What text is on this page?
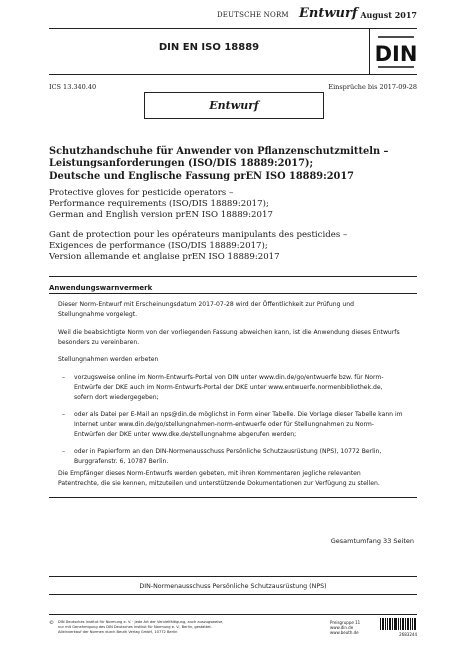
DEUTSCHE NORM Entwurf August 2017
DIN EN ISO 18889	DIN
ICS 13.340.40	Einsprüche bis 2017-09-28
Entwurf
Schutzhandschuhe für Anwender von Pflanzenschutzmitteln –
Leistungsanforderungen (ISO/DIS 18889:2017);
Deutsche und Englische Fassung prEN ISO 18889:2017
Protective gloves for pesticide operators –
Performance requirements (ISO/DIS 18889:2017);
German and English version prEN ISO 18889:2017
Gant de protection pour les opérateurs manipulants des pesticides –
Exigences de performance (ISO/DIS 18889:2017);
Version allemande et anglaise prEN ISO 18889:2017
Anwendungswarnvermerk
Dieser Norm-Entwurf mit Erscheinungsdatum 2017-07-28 wird der Öffentlichkeit zur Prüfung und
Stellungnahme vorgelegt.
Weil die beabsichtigte Norm von der vorliegenden Fassung abweichen kann, ist die Anwendung dieses Entwurfs
besonders zu vereinbaren.
Stellungnahmen werden erbeten
– vorzugsweise online im Norm-Entwurfs-Portal von DIN unter www.din.de/go/entwuerfe bzw. für Norm-
Entwürfe der DKE auch im Norm-Entwurfs-Portal der DKE unter www.entwuerfe.normenbibliothek.de,
sofern dort wiedergegeben;
– oder als Datei per E-Mail an nps@din.de möglichst in Form einer Tabelle. Die Vorlage dieser Tabelle kann im
Internet unter www.din.de/go/stellungnahmen-norm-entwuerfe oder für Stellungnahmen zu Norm-
Entwürfen der DKE unter www.dke.de/stellungnahme abgerufen werden;
– oder in Papierform an den DIN-Normenausschuss Persönliche Schutzausrüstung (NPS), 10772 Berlin,
Burggrafenstr. 6, 10787 Berlin.
Die Empfänger dieses Norm-Entwurfs werden gebeten, mit ihren Kommentaren jegliche relevanten
Patentrechte, die sie kennen, mitzuteilen und unterstützende Dokumentationen zur Verfügung zu stellen.
Gesamtumfang 33 Seiten
DIN-Normenausschuss Persönliche Schutzausrüstung (NPS)
© DIN Deutsches Institut für Normung e. V. · Jede Art der Vervielfältigung, auch auszugsweise,
nur mit Genehmigung des DIN Deutsches Institut für Normung e. V., Berlin, gestattet.
Alleinverkauf der Normen durch Beuth Verlag GmbH, 10772 Berlin
Preisgruppe 11
www.din.de
www.beuth.de	2683244
